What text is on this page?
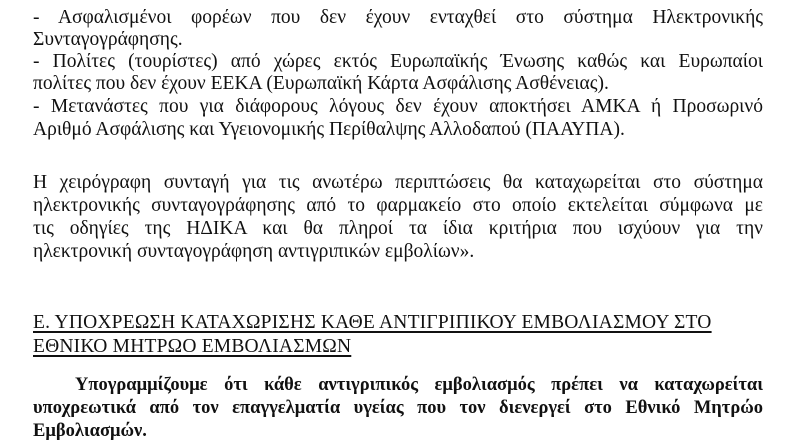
- Ασφαλισμένοι φορέων που δεν έχουν ενταχθεί στο σύστημα Ηλεκτρονικής
Συνταγογράφησης.
- Πολίτες (τουρίστες) από χώρες εκτός Ευρωπαϊκής Ένωσης καθώς και Ευρωπαίοι
πολίτες που δεν έχουν ΕΕΚΑ (Ευρωπαϊκή Κάρτα Ασφάλισης Ασθένειας).
- Μετανάστες που για διάφορους λόγους δεν έχουν αποκτήσει ΑΜΚΑ ή Προσωρινό
Αριθμό Ασφάλισης και Υγειονομικής Περίθαλψης Αλλοδαπού (ΠΑΑΥΠΑ).
Η χειρόγραφη συνταγή για τις ανωτέρω περιπτώσεις θα καταχωρείται στο σύστημα
ηλεκτρονικής συνταγογράφησης από το φαρμακείο στο οποίο εκτελείται σύμφωνα με
τις οδηγίες της ΗΔΙΚΑ και θα πληροί τα ίδια κριτήρια που ισχύουν για την
ηλεκτρονική συνταγογράφηση αντιγριπικών εμβολίων».
Ε. ΥΠΟΧΡΕΩΣΗ ΚΑΤΑΧΩΡΙΣΗΣ ΚΑΘΕ ΑΝΤΙΓΡΙΠΙΚΟΥ ΕΜΒΟΛΙΑΣΜΟΥ ΣΤΟ
ΕΘΝΙΚΟ ΜΗΤΡΩΟ ΕΜΒΟΛΙΑΣΜΩΝ
Υπογραμμίζουμε ότι κάθε αντιγριπικός εμβολιασμός πρέπει να καταχωρείται
υποχρεωτικά από τον επαγγελματία υγείας που τον διενεργεί στο Εθνικό Μητρώο
Εμβολιασμών.
